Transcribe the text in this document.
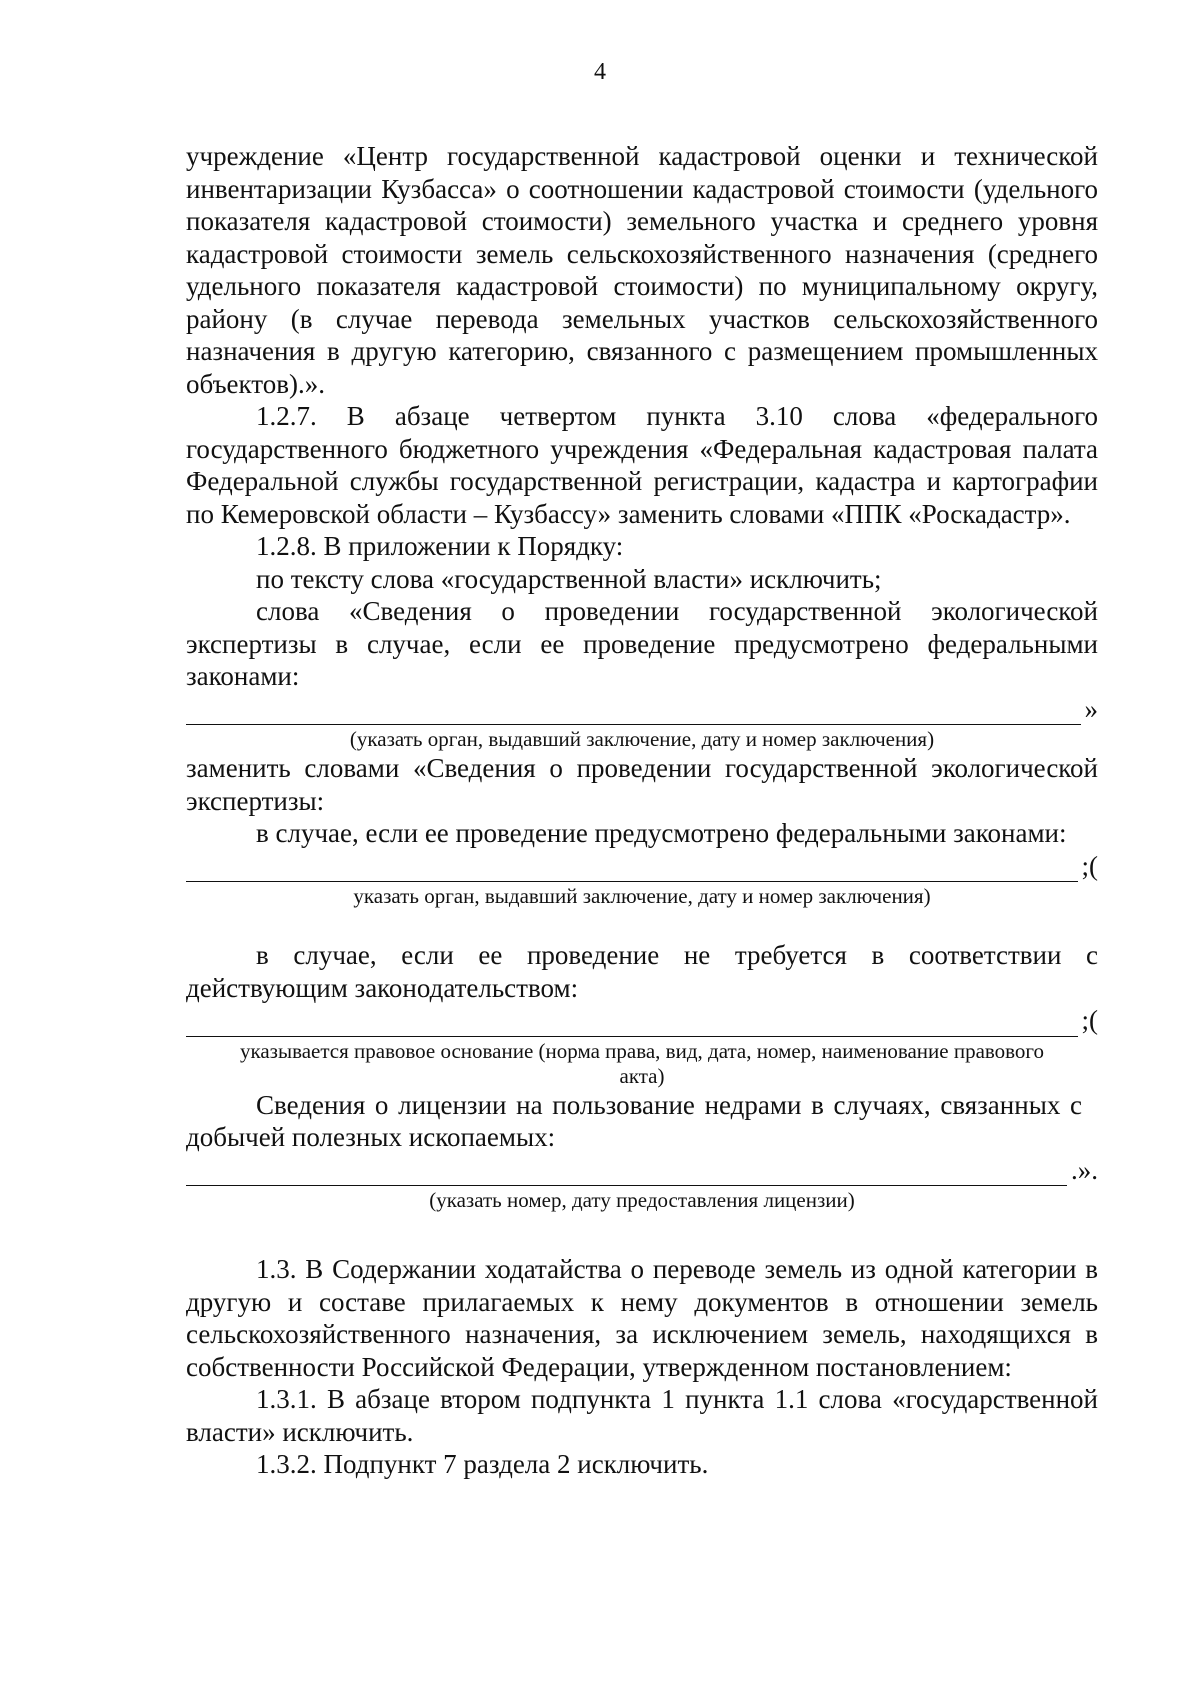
4

учреждение «Центр государственной кадастровой оценки и технической инвентаризации Кузбасса» о соотношении кадастровой стоимости (удельного показателя кадастровой стоимости) земельного участка и среднего уровня кадастровой стоимости земель сельскохозяйственного назначения (среднего удельного показателя кадастровой стоимости) по муниципальному округу, району (в случае перевода земельных участков сельскохозяйственного назначения в другую категорию, связанного с размещением промышленных объектов).».

1.2.7. В абзаце четвертом пункта 3.10 слова «федерального государственного бюджетного учреждения «Федеральная кадастровая палата Федеральной службы государственной регистрации, кадастра и картографии по Кемеровской области – Кузбассу» заменить словами «ППК «Роскадастр».

1.2.8. В приложении к Порядку:

по тексту слова «государственной власти» исключить;

слова «Сведения о проведении государственной экологической экспертизы в случае, если ее проведение предусмотрено федеральными законами:

»

(указать орган, выдавший заключение, дату и номер заключения)

заменить словами «Сведения о проведении государственной экологической экспертизы:

в случае, если ее проведение предусмотрено федеральными законами:

;(

указать орган, выдавший заключение, дату и номер заключения)

в случае, если ее проведение не требуется в соответствии с действующим законодательством:

;(

указывается правовое основание (норма права, вид, дата, номер, наименование правового акта)

Сведения о лицензии на пользование недрами в случаях, связанных с добычей полезных ископаемых:

.».

(указать номер, дату предоставления лицензии)

1.3. В Содержании ходатайства о переводе земель из одной категории в другую и составе прилагаемых к нему документов в отношении земель сельскохозяйственного назначения, за исключением земель, находящихся в собственности Российской Федерации, утвержденном постановлением:

1.3.1. В абзаце втором подпункта 1 пункта 1.1 слова «государственной власти» исключить.

1.3.2. Подпункт 7 раздела 2 исключить.
